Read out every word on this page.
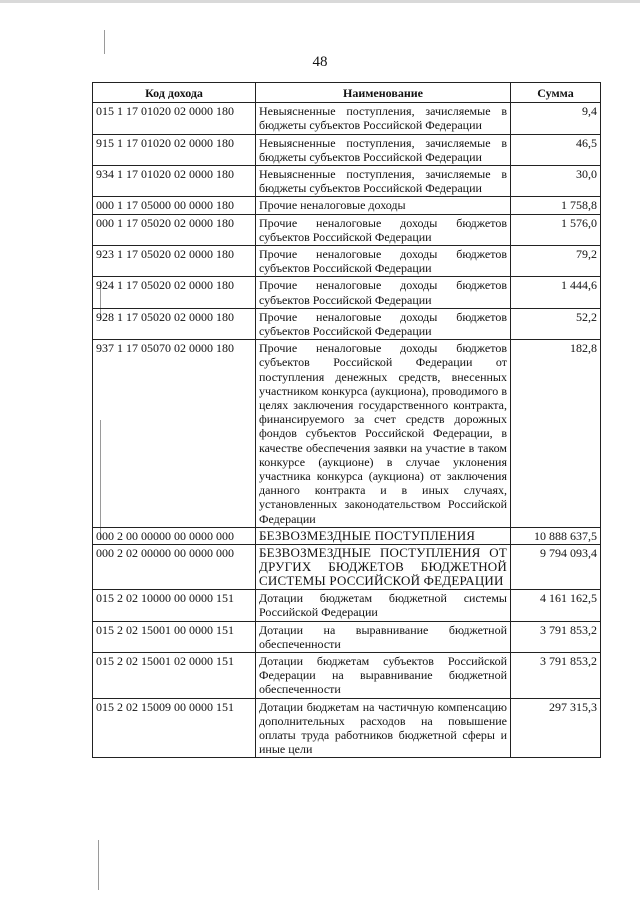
48
Код дохода	Наименование	Сумма
015 1 17 01020 02 0000 180	Невыясненные поступления, зачисляемые в бюджеты субъектов Российской Федерации	9,4
915 1 17 01020 02 0000 180	Невыясненные поступления, зачисляемые в бюджеты субъектов Российской Федерации	46,5
934 1 17 01020 02 0000 180	Невыясненные поступления, зачисляемые в бюджеты субъектов Российской Федерации	30,0
000 1 17 05000 00 0000 180	Прочие неналоговые доходы	1 758,8
000 1 17 05020 02 0000 180	Прочие неналоговые доходы бюджетов субъектов Российской Федерации	1 576,0
923 1 17 05020 02 0000 180	Прочие неналоговые доходы бюджетов субъектов Российской Федерации	79,2
924 1 17 05020 02 0000 180	Прочие неналоговые доходы бюджетов субъектов Российской Федерации	1 444,6
928 1 17 05020 02 0000 180	Прочие неналоговые доходы бюджетов субъектов Российской Федерации	52,2
937 1 17 05070 02 0000 180	Прочие неналоговые доходы бюджетов субъектов Российской Федерации от поступления денежных средств, внесенных участником конкурса (аукциона), проводимого в целях заключения государственного контракта, финансируемого за счет средств дорожных фондов субъектов Российской Федерации, в качестве обеспечения заявки на участие в таком конкурсе (аукционе) в случае уклонения участника конкурса (аукциона) от заключения данного контракта и в иных случаях, установленных законодательством Российской Федерации	182,8
000 2 00 00000 00 0000 000	БЕЗВОЗМЕЗДНЫЕ ПОСТУПЛЕНИЯ	10 888 637,5
000 2 02 00000 00 0000 000	БЕЗВОЗМЕЗДНЫЕ ПОСТУПЛЕНИЯ ОТ ДРУГИХ БЮДЖЕТОВ БЮДЖЕТНОЙ СИСТЕМЫ РОССИЙСКОЙ ФЕДЕРАЦИИ	9 794 093,4
015 2 02 10000 00 0000 151	Дотации бюджетам бюджетной системы Российской Федерации	4 161 162,5
015 2 02 15001 00 0000 151	Дотации на выравнивание бюджетной обеспеченности	3 791 853,2
015 2 02 15001 02 0000 151	Дотации бюджетам субъектов Российской Федерации на выравнивание бюджетной обеспеченности	3 791 853,2
015 2 02 15009 00 0000 151	Дотации бюджетам на частичную компенсацию дополнительных расходов на повышение оплаты труда работников бюджетной сферы и иные цели	297 315,3
